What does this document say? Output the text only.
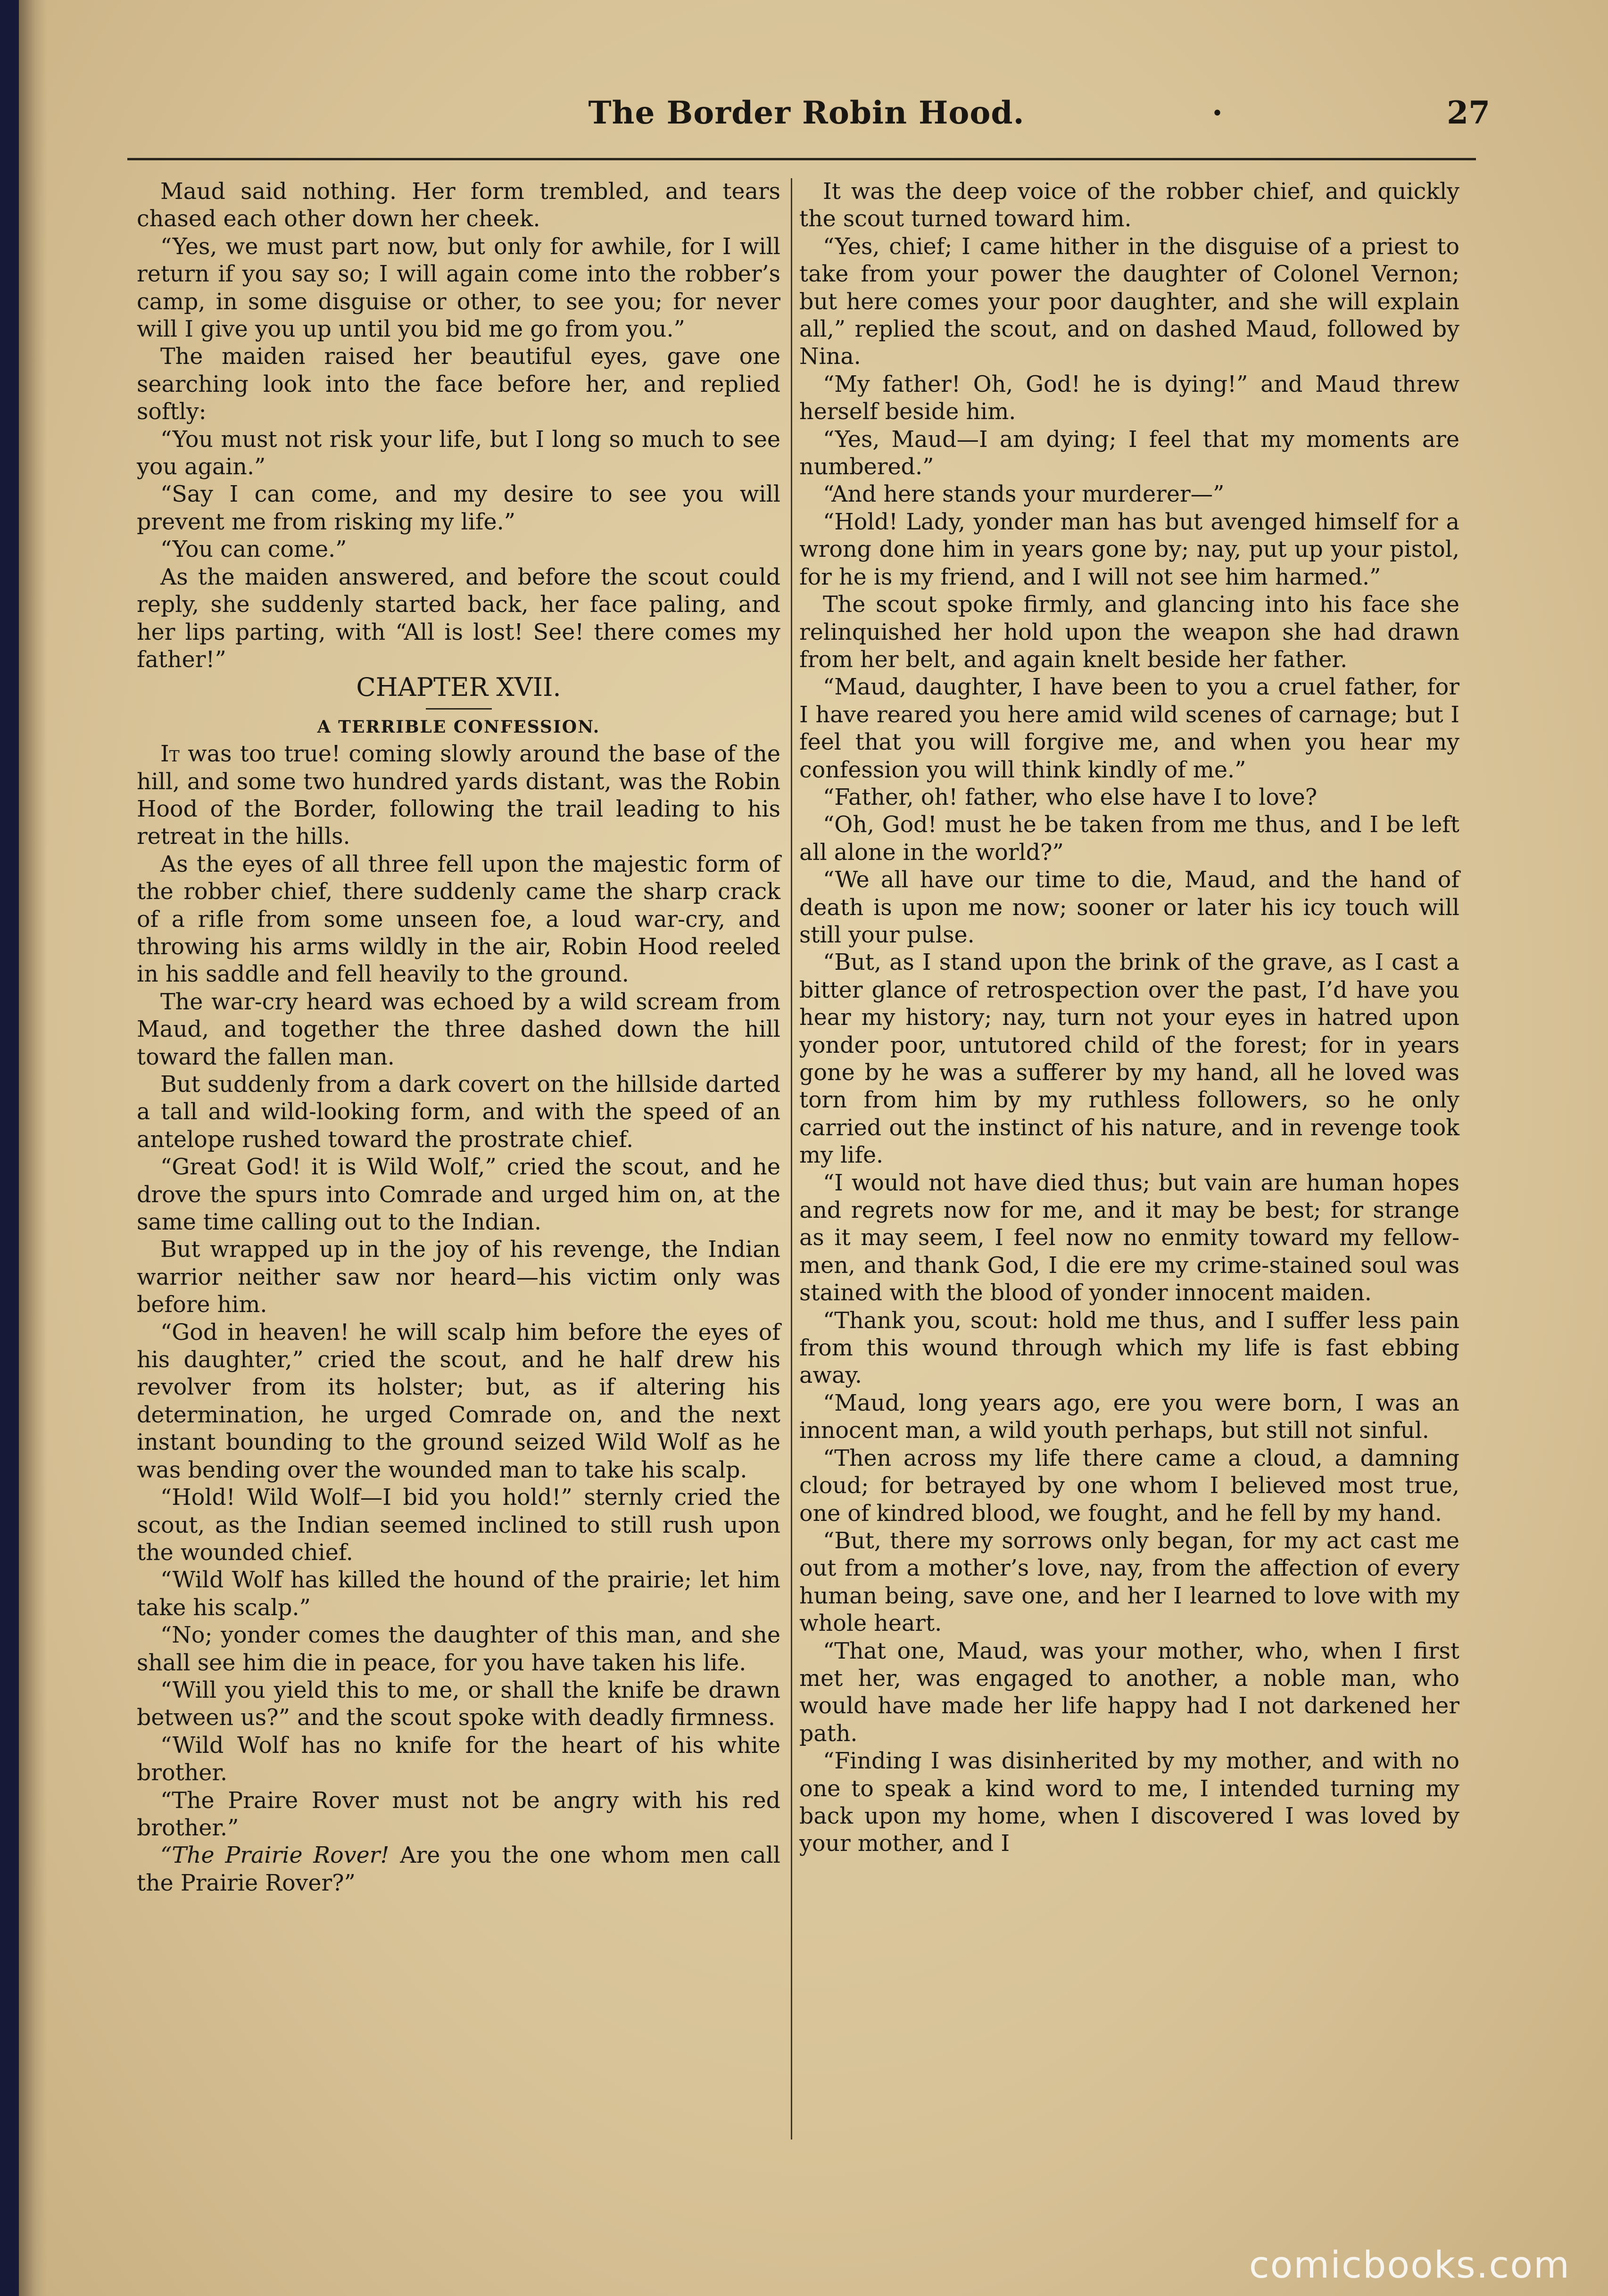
The Border Robin Hood.	·	27

Maud said nothing. Her form trembled, and tears chased each other down her cheek.

“Yes, we must part now, but only for awhile, for I will return if you say so; I will again come into the robber’s camp, in some disguise or other, to see you; for never will I give you up until you bid me go from you.”

The maiden raised her beautiful eyes, gave one searching look into the face before her, and replied softly:

“You must not risk your life, but I long so much to see you again.”

“Say I can come, and my desire to see you will prevent me from risking my life.”

“You can come.”

As the maiden answered, and before the scout could reply, she suddenly started back, her face paling, and her lips parting, with “All is lost! See! there comes my father!”

CHAPTER XVII.

A TERRIBLE CONFESSION.

It was too true! coming slowly around the base of the hill, and some two hundred yards distant, was the Robin Hood of the Border, following the trail leading to his retreat in the hills.

As the eyes of all three fell upon the majestic form of the robber chief, there suddenly came the sharp crack of a rifle from some unseen foe, a loud war-cry, and throwing his arms wildly in the air, Robin Hood reeled in his saddle and fell heavily to the ground.

The war-cry heard was echoed by a wild scream from Maud, and together the three dashed down the hill toward the fallen man.

But suddenly from a dark covert on the hillside darted a tall and wild-looking form, and with the speed of an antelope rushed toward the prostrate chief.

“Great God! it is Wild Wolf,” cried the scout, and he drove the spurs into Comrade and urged him on, at the same time calling out to the Indian.

But wrapped up in the joy of his revenge, the Indian warrior neither saw nor heard—his victim only was before him.

“God in heaven! he will scalp him before the eyes of his daughter,” cried the scout, and he half drew his revolver from its holster; but, as if altering his determination, he urged Comrade on, and the next instant bounding to the ground seized Wild Wolf as he was bending over the wounded man to take his scalp.

“Hold! Wild Wolf—I bid you hold!” sternly cried the scout, as the Indian seemed inclined to still rush upon the wounded chief.

“Wild Wolf has killed the hound of the prairie; let him take his scalp.”

“No; yonder comes the daughter of this man, and she shall see him die in peace, for you have taken his life.

“Will you yield this to me, or shall the knife be drawn between us?” and the scout spoke with deadly firmness.

“Wild Wolf has no knife for the heart of his white brother.

“The Praire Rover must not be angry with his red brother.”

“The Prairie Rover! Are you the one whom men call the Prairie Rover?”

It was the deep voice of the robber chief, and quickly the scout turned toward him.

“Yes, chief; I came hither in the disguise of a priest to take from your power the daughter of Colonel Vernon; but here comes your poor daughter, and she will explain all,” replied the scout, and on dashed Maud, followed by Nina.

“My father! Oh, God! he is dying!” and Maud threw herself beside him.

“Yes, Maud—I am dying; I feel that my moments are numbered.”

“And here stands your murderer—”

“Hold! Lady, yonder man has but avenged himself for a wrong done him in years gone by; nay, put up your pistol, for he is my friend, and I will not see him harmed.”

The scout spoke firmly, and glancing into his face she relinquished her hold upon the weapon she had drawn from her belt, and again knelt beside her father.

“Maud, daughter, I have been to you a cruel father, for I have reared you here amid wild scenes of carnage; but I feel that you will forgive me, and when you hear my confession you will think kindly of me.”

“Father, oh! father, who else have I to love?

“Oh, God! must he be taken from me thus, and I be left all alone in the world?”

“We all have our time to die, Maud, and the hand of death is upon me now; sooner or later his icy touch will still your pulse.

“But, as I stand upon the brink of the grave, as I cast a bitter glance of retrospection over the past, I’d have you hear my history; nay, turn not your eyes in hatred upon yonder poor, untutored child of the forest; for in years gone by he was a sufferer by my hand, all he loved was torn from him by my ruthless followers, so he only carried out the instinct of his nature, and in revenge took my life.

“I would not have died thus; but vain are human hopes and regrets now for me, and it may be best; for strange as it may seem, I feel now no enmity toward my fellow-men, and thank God, I die ere my crime-stained soul was stained with the blood of yonder innocent maiden.

“Thank you, scout: hold me thus, and I suffer less pain from this wound through which my life is fast ebbing away.

“Maud, long years ago, ere you were born, I was an innocent man, a wild youth perhaps, but still not sinful.

“Then across my life there came a cloud, a damning cloud; for betrayed by one whom I believed most true, one of kindred blood, we fought, and he fell by my hand.

“But, there my sorrows only began, for my act cast me out from a mother’s love, nay, from the affection of every human being, save one, and her I learned to love with my whole heart.

“That one, Maud, was your mother, who, when I first met her, was engaged to another, a noble man, who would have made her life happy had I not darkened her path.

“Finding I was disinherited by my mother, and with no one to speak a kind word to me, I intended turning my back upon my home, when I discovered I was loved by your mother, and I

comicbooks.com
